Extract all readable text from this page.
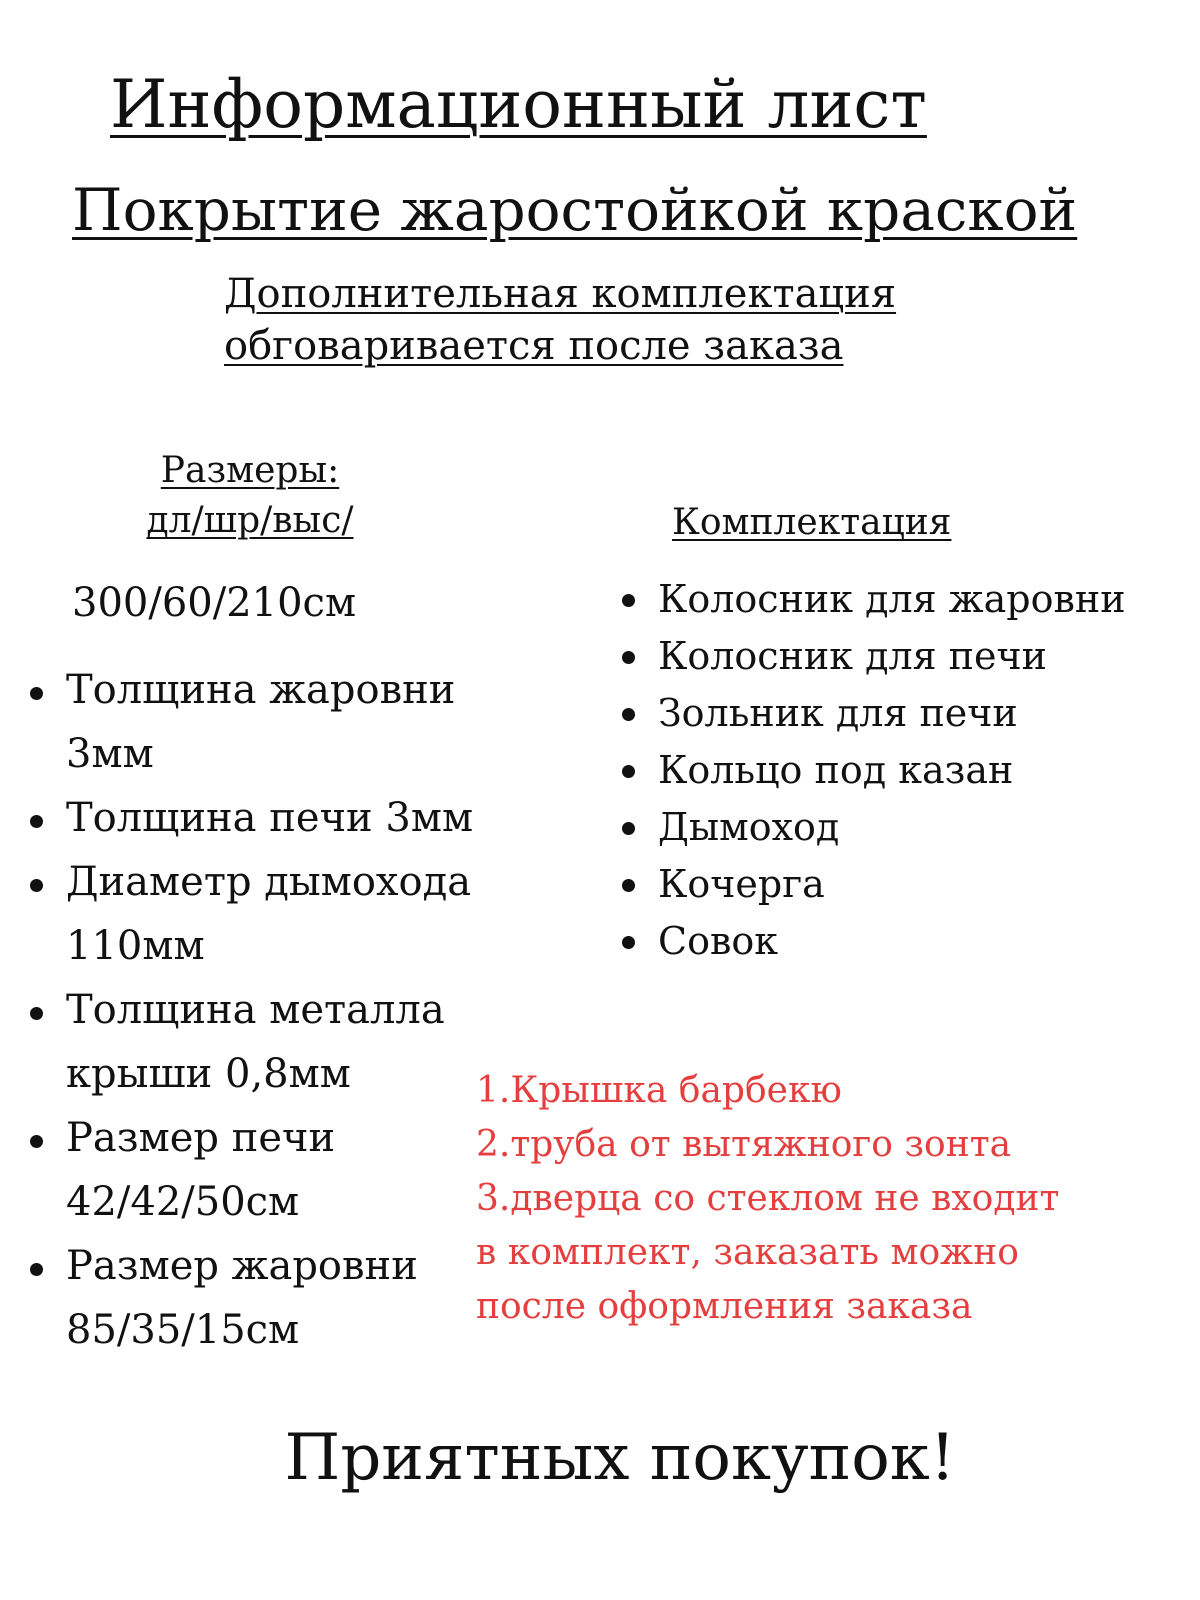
Информационный лист
Покрытие жаростойкой краской
Дополнительная комплектация
обговаривается после заказа
Размеры:
дл/шр/выс/
300/60/210см
Толщина жаровни 3мм
Толщина печи 3мм
Диаметр дымохода 110мм
Толщина металла крыши 0,8мм
Размер печи 42/42/50см
Размер жаровни 85/35/15см
Комплектация
Колосник для жаровни
Колосник для печи
Зольник для печи
Кольцо под казан
Дымоход
Кочерга
Совок
1.Крышка барбекю
2.труба от вытяжного зонта
3.дверца со стеклом не входит
в комплект, заказать можно
после оформления заказа
Приятных покупок!
